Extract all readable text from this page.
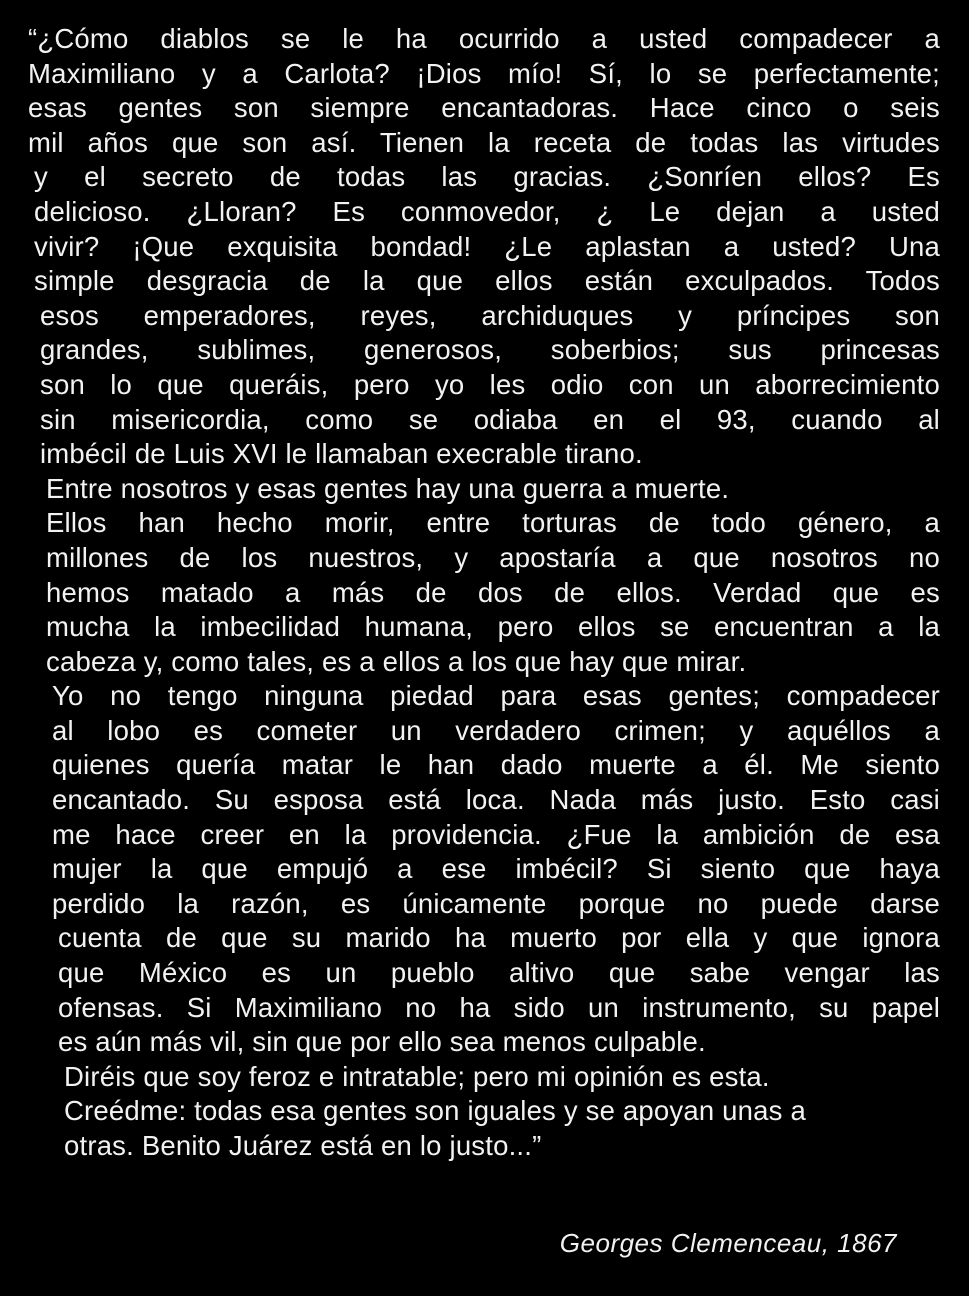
“¿Cómo diablos se le ha ocurrido a usted compadecer a
Maximiliano y a Carlota? ¡Dios mío! Sí, lo se perfectamente;
esas gentes son siempre encantadoras. Hace cinco o seis
mil años que son así. Tienen la receta de todas las virtudes
y el secreto de todas las gracias. ¿Sonríen ellos? Es
delicioso. ¿Lloran? Es conmovedor, ¿ Le dejan a usted
vivir? ¡Que exquisita bondad! ¿Le aplastan a usted? Una
simple desgracia de la que ellos están exculpados. Todos
esos emperadores, reyes, archiduques y príncipes son
grandes, sublimes, generosos, soberbios; sus princesas
son lo que queráis, pero yo les odio con un aborrecimiento
sin misericordia, como se odiaba en el 93, cuando al
imbécil de Luis XVI le llamaban execrable tirano.
Entre nosotros y esas gentes hay una guerra a muerte.
Ellos han hecho morir, entre torturas de todo género, a
millones de los nuestros, y apostaría a que nosotros no
hemos matado a más de dos de ellos. Verdad que es
mucha la imbecilidad humana, pero ellos se encuentran a la
cabeza y, como tales, es a ellos a los que hay que mirar.
Yo no tengo ninguna piedad para esas gentes; compadecer
al lobo es cometer un verdadero crimen; y aquéllos a
quienes quería matar le han dado muerte a él. Me siento
encantado. Su esposa está loca. Nada más justo. Esto casi
me hace creer en la providencia. ¿Fue la ambición de esa
mujer la que empujó a ese imbécil? Si siento que haya
perdido la razón, es únicamente porque no puede darse
cuenta de que su marido ha muerto por ella y que ignora
que México es un pueblo altivo que sabe vengar las
ofensas. Si Maximiliano no ha sido un instrumento, su papel
es aún más vil, sin que por ello sea menos culpable.
Diréis que soy feroz e intratable; pero mi opinión es esta.
Creédme: todas esa gentes son iguales y se apoyan unas a
otras. Benito Juárez está en lo justo...”
Georges Clemenceau, 1867
